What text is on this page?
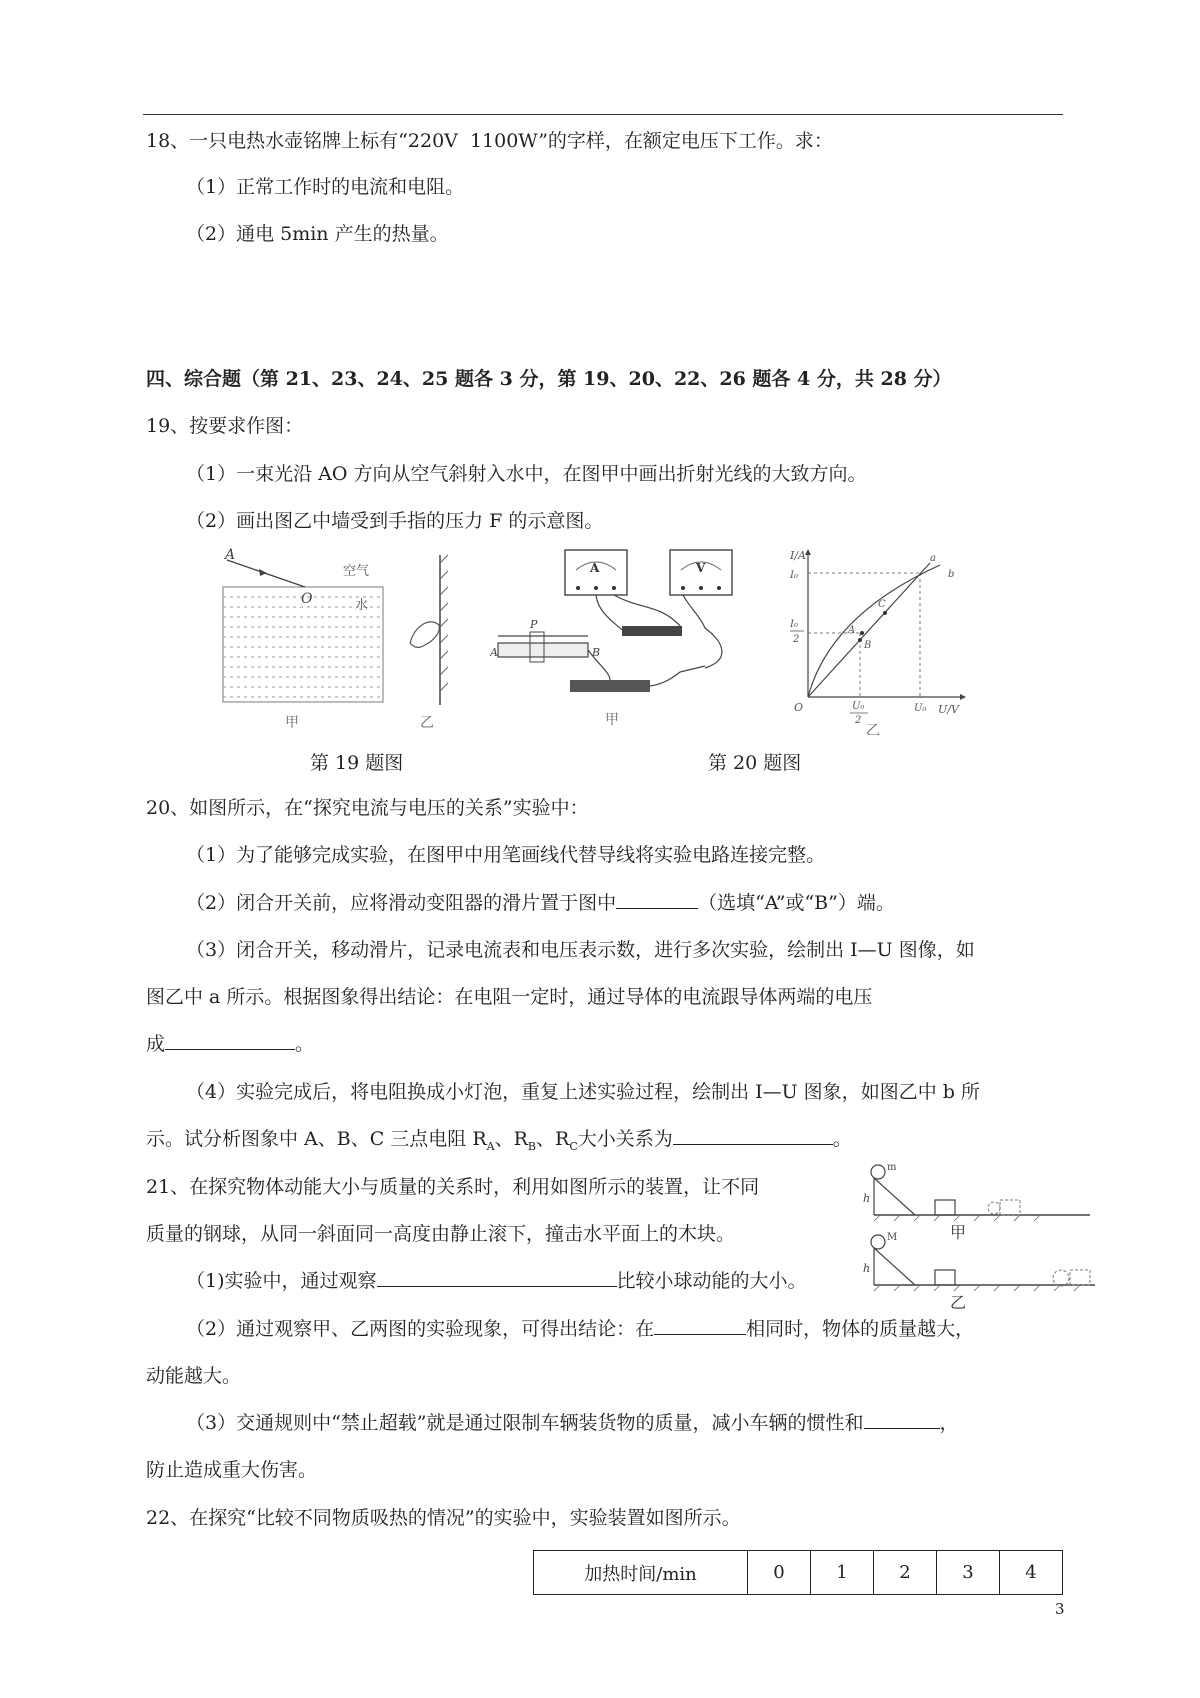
18、一只电热水壶铭牌上标有“220V  1100W”的字样，在额定电压下工作。求：
（1）正常工作时的电流和电阻。
（2）通电 5min 产生的热量。
四、综合题（第 21、23、24、25 题各 3 分，第 19、20、22、26 题各 4 分，共 28 分）
19、按要求作图：
（1）一束光沿 AO 方向从空气斜射入水中，在图甲中画出折射光线的大致方向。
（2）画出图乙中墙受到手指的压力 F 的示意图。
A
O
空气
水
甲	乙
第 19 题图
A	V
P
A	B
甲
I/A
U/V
O
I₀
I₀
2
U₀
2
U₀
A
B
C
a
b
乙
第 20 题图
20、如图所示，在“探究电流与电压的关系”实验中：
（1）为了能够完成实验，在图甲中用笔画线代替导线将实验电路连接完整。
（2）闭合开关前，应将滑动变阻器的滑片置于图中	（选填“A”或“B”）端。
（3）闭合开关，移动滑片，记录电流表和电压表示数，进行多次实验，绘制出 I—U 图像，如
图乙中 a 所示。根据图象得出结论：在电阻一定时，通过导体的电流跟导体两端的电压
成	。
（4）实验完成后，将电阻换成小灯泡，重复上述实验过程，绘制出 I—U 图象，如图乙中 b 所
示。试分析图象中 A、B、C 三点电阻 $R_A$、$R_B$、$R_C$大小关系为	。
21、在探究物体动能大小与质量的关系时，利用如图所示的装置，让不同
质量的钢球，从同一斜面同一高度由静止滚下，撞击水平面上的木块。
（1)实验中，通过观察	比较小球动能的大小。
（2）通过观察甲、乙两图的实验现象，可得出结论：在	相同时，物体的质量越大，
动能越大。
（3）交通规则中“禁止超载”就是通过限制车辆装货物的质量，减小车辆的惯性和	，
防止造成重大伤害。
m
h
甲
M
h
乙
22、在探究“比较不同物质吸热的情况”的实验中，实验装置如图所示。
加热时间/min	0	1	2	3	4
3
